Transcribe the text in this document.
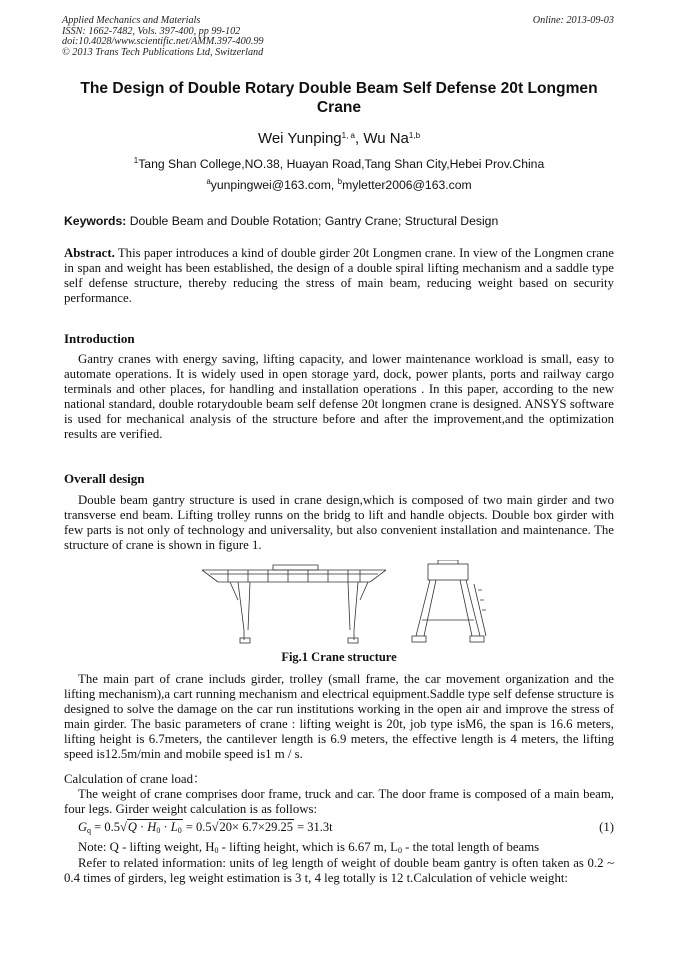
Applied Mechanics and Materials
ISSN: 1662-7482, Vols. 397-400, pp 99-102
doi:10.4028/www.scientific.net/AMM.397-400.99
© 2013 Trans Tech Publications Ltd, Switzerland
Online: 2013-09-03
The Design of Double Rotary Double Beam Self Defense 20t Longmen Crane
Wei Yunping$^{1, a}$, Wu Na$^{1,b}$
$^1$Tang Shan College,NO.38, Huayan Road,Tang Shan City,Hebei Prov.China
$^a$yunpingwei@163.com, $^b$myletter2006@163.com
Keywords: Double Beam and Double Rotation; Gantry Crane; Structural Design
Abstract. This paper introduces a kind of double girder 20t Longmen crane. In view of the Longmen crane in span and weight has been established, the design of a double spiral lifting mechanism and a saddle type self defense structure, thereby reducing the stress of main beam, reducing weight based on security performance.
Introduction
Gantry cranes with energy saving, lifting capacity, and lower maintenance workload is small, easy to automate operations. It is widely used in open storage yard, dock, power plants, ports and railway cargo terminals and other places, for handling and installation operations . In this paper, according to the new national standard, double rotarydouble beam self defense 20t longmen crane is designed. ANSYS software is used for mechanical analysis of the structure before and after the improvement,and the optimization results are verified.
Overall design
Double beam gantry structure is used in crane design,which is composed of two main girder and two transverse end beam. Lifting trolley runns on the bridg to lift and handle objects. Double box girder with few parts is not only of technology and universality, but also convenient installation and maintenance. The structure of crane is shown in figure 1.
Fig.1 Crane structure
The main part of crane includs girder, trolley (small frame, the car movement organization and the lifting mechanism),a cart running mechanism and electrical equipment.Saddle type self defense structure is designed to solve the damage on the car run institutions working in the open air and improve the stress of main girder. The basic parameters of crane : lifting weight is 20t, job type isM6, the span is 16.6 meters, lifting height is 6.7meters, the cantilever length is 6.9 meters, the effective length is 4 meters, the lifting speed is12.5m/min and mobile speed is1 m / s.
Calculation of crane load：
The weight of crane comprises door frame, truck and car. The door frame is composed of a main beam, four legs. Girder weight calculation is as follows:
$G_q = 0.5√Q \cdot H_0 \cdot L_0 = 0.5√20\times 6.7\times 29.25 = 31.3t$	(1)
Note: Q - lifting weight, $H_0$ - lifting height, which is 6.67 m, $L_0$ - the total length of beams
Refer to related information: units of leg length of weight of double beam gantry is often taken as 0.2 ~ 0.4 times of girders, leg weight estimation is 3 t, 4 leg totally is 12 t.Calculation of vehicle weight:
